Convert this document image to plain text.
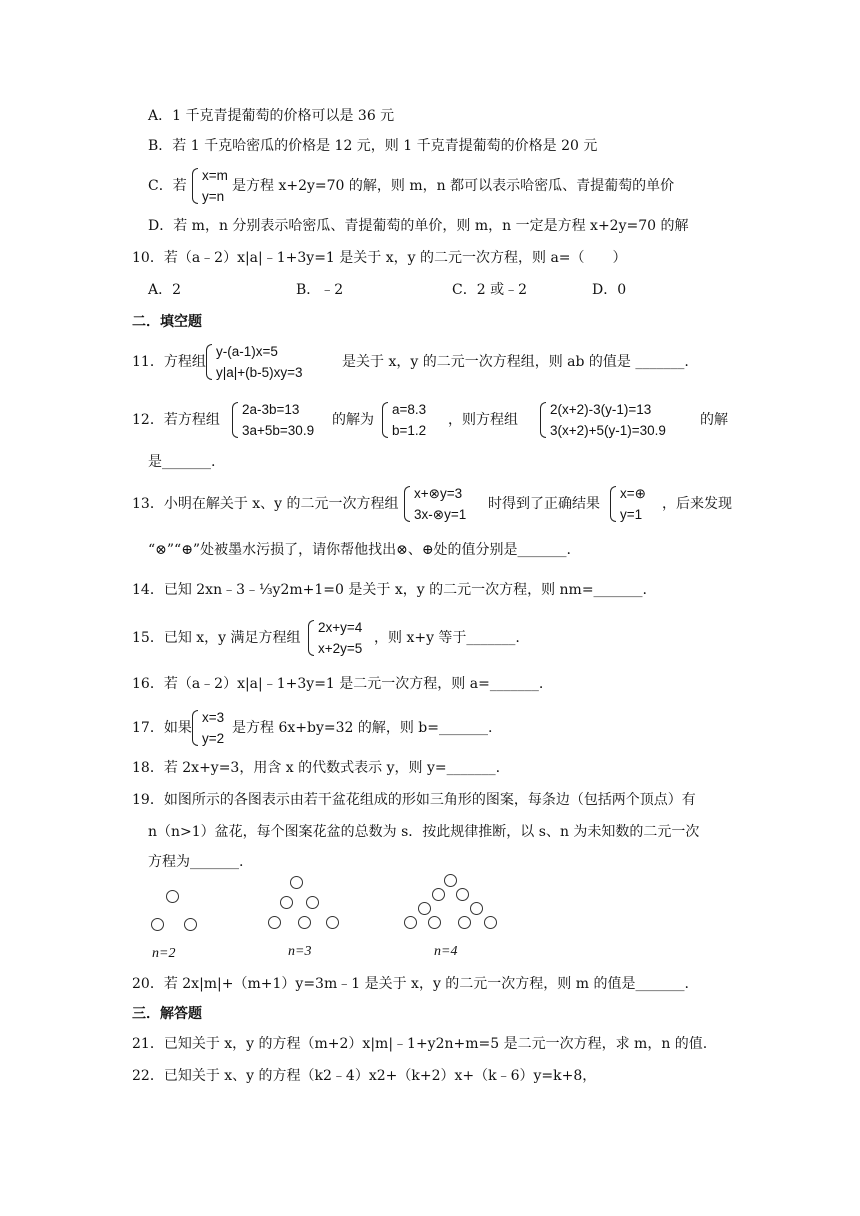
A．1 千克青提葡萄的价格可以是 36 元
B．若 1 千克哈密瓜的价格是 12 元，则 1 千克青提葡萄的价格是 20 元
C．若
x=m
y=n
是方程 x+2y=70 的解，则 m，n 都可以表示哈密瓜、青提葡萄的单价
D．若 m，n 分别表示哈密瓜、青提葡萄的单价，则 m，n 一定是方程 x+2y=70 的解
10．若（a﹣2）x|a|﹣1+3y=1 是关于 x，y 的二元一次方程，则 a=（　　）
A．2	B．﹣2	C．2 或﹣2	D．0
二．填空题
11．方程组
y-(a-1)x=5
y|a|+(b-5)xy=3
是关于 x，y 的二元一次方程组，则 ab 的值是 _______.
12．若方程组
2a-3b=13
3a+5b=30.9
的解为
a=8.3
b=1.2
，则方程组
2(x+2)-3(y-1)=13
3(x+2)+5(y-1)=30.9
的解
是_______.
13．小明在解关于 x、y 的二元一次方程组
x+⊗y=3
3x-⊗y=1
时得到了正确结果
x=⊕
y=1
，后来发现
“⊗”“⊕”处被墨水污损了，请你帮他找出⊗、⊕处的值分别是_______.
14．已知 2xn﹣3﹣⅓y2m+1=0 是关于 x，y 的二元一次方程，则 nm=_______.
15．已知 x，y 满足方程组
2x+y=4
x+2y=5
，则 x+y 等于_______.
16．若（a﹣2）x|a|﹣1+3y=1 是二元一次方程，则 a=_______.
17．如果
x=3
y=2
是方程 6x+by=32 的解，则 b=_______.
18．若 2x+y=3，用含 x 的代数式表示 y，则 y=_______.
19．如图所示的各图表示由若干盆花组成的形如三角形的图案，每条边（包括两个顶点）有
n（n>1）盆花，每个图案花盆的总数为 s．按此规律推断，以 s、n 为未知数的二元一次
方程为_______.
n=2	n=3	n=4
20．若 2x|m|+（m+1）y=3m﹣1 是关于 x，y 的二元一次方程，则 m 的值是_______.
三．解答题
21．已知关于 x，y 的方程（m+2）x|m|﹣1+y2n+m=5 是二元一次方程，求 m，n 的值.
22．已知关于 x、y 的方程（k2﹣4）x2+（k+2）x+（k﹣6）y=k+8，
